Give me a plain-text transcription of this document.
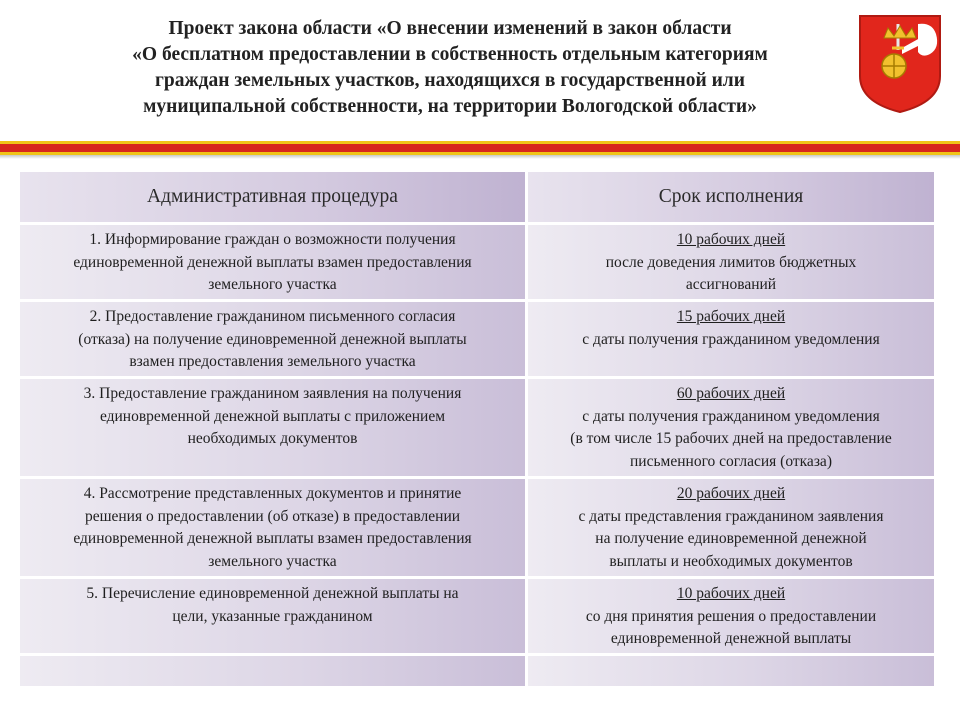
Проект закона области «О внесении изменений в закон области
«О бесплатном предоставлении в собственность отдельным категориям
граждан земельных участков, находящихся в государственной или
муниципальной собственности, на территории Вологодской области»
Административная процедура	Срок исполнения
1. Информирование граждан о возможности получения
единовременной денежной выплаты взамен предоставления
земельного участка
10 рабочих дней
после доведения лимитов бюджетных
ассигнований
2. Предоставление гражданином письменного согласия
(отказа) на получение единовременной денежной выплаты
взамен предоставления земельного участка
15 рабочих дней
с даты получения гражданином уведомления
3. Предоставление гражданином заявления на получения
единовременной денежной выплаты с приложением
необходимых документов
60 рабочих дней
с даты получения гражданином уведомления
(в том числе 15 рабочих дней на предоставление
письменного согласия (отказа)
4. Рассмотрение представленных документов и принятие
решения о предоставлении (об отказе) в предоставлении
единовременной денежной выплаты взамен предоставления
земельного участка
20 рабочих дней
с даты представления гражданином заявления
на получение единовременной денежной
выплаты и необходимых документов
5. Перечисление единовременной денежной выплаты на
цели, указанные гражданином
10 рабочих дней
со дня принятия решения о предоставлении
единовременной денежной выплаты
